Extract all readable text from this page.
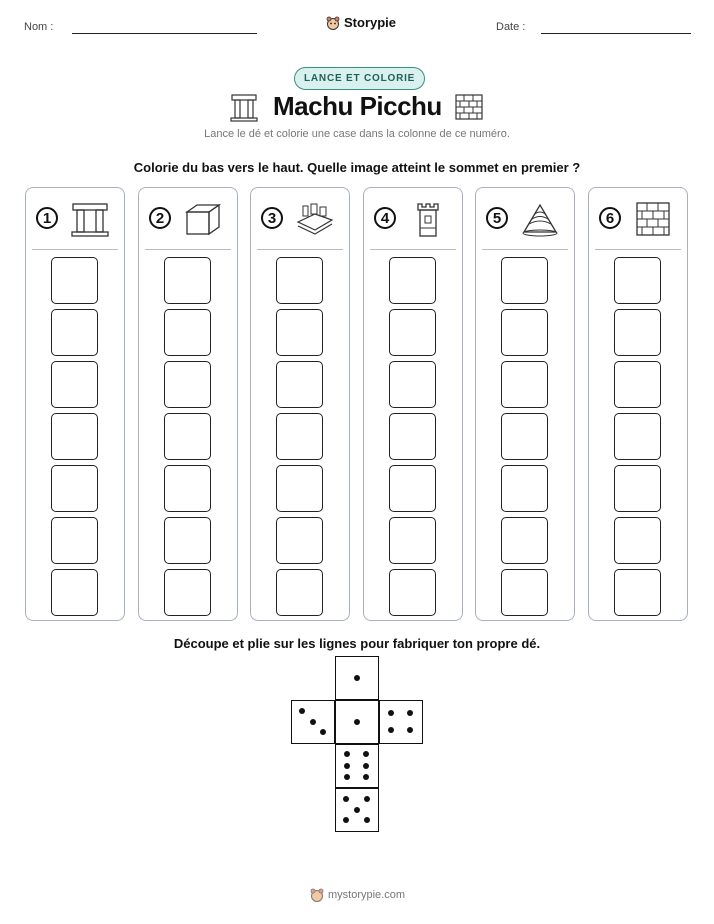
Nom :	Storypie	Date :
LANCE ET COLORIE
Machu Picchu
Lance le dé et colorie une case dans la colonne de ce numéro.
Colorie du bas vers le haut. Quelle image atteint le sommet en premier ?
1	2	3	4	5	6
Découpe et plie sur les lignes pour fabriquer ton propre dé.
mystorypie.com
